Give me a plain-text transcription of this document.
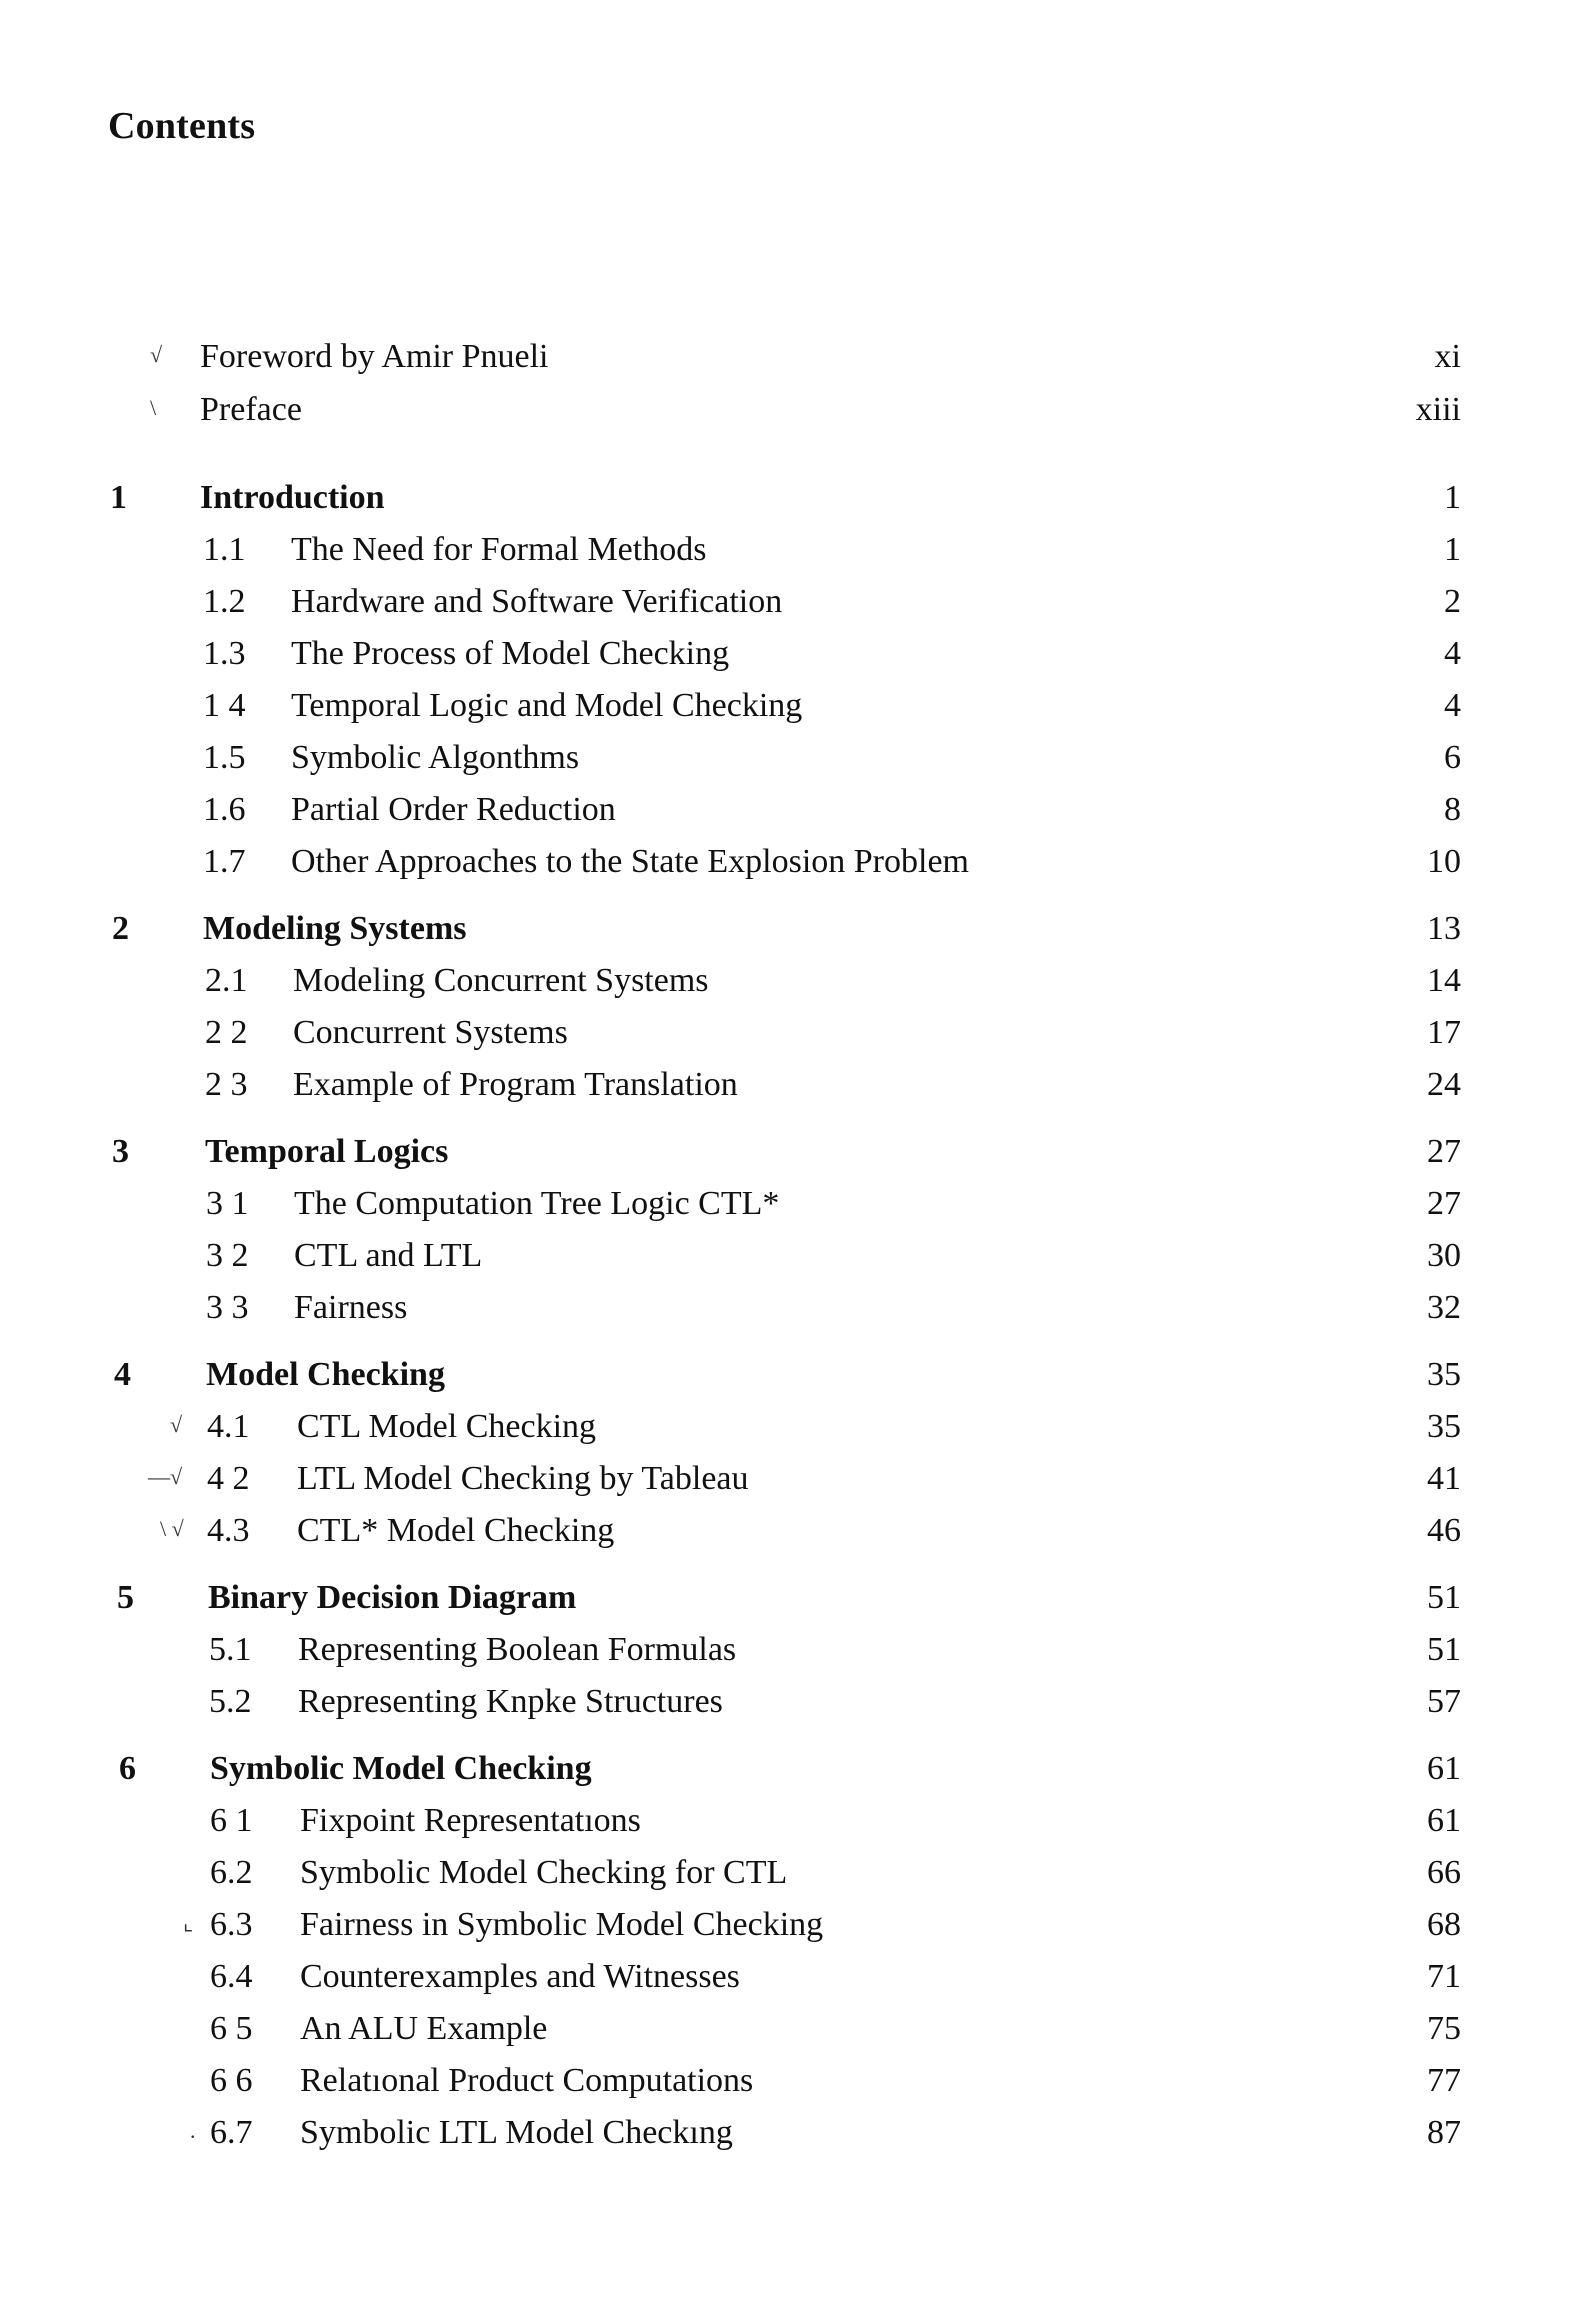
Contents
√ Foreword by Amir Pnueli	xi
\ Preface	xiii
1 Introduction	1
1.1 The Need for Formal Methods	1
1.2 Hardware and Software Verification	2
1.3 The Process of Model Checking	4
1 4 Temporal Logic and Model Checking	4
1.5 Symbolic Algonthms	6
1.6 Partial Order Reduction	8
1.7 Other Approaches to the State Explosion Problem	10
2 Modeling Systems	13
2.1 Modeling Concurrent Systems	14
2 2 Concurrent Systems	17
2 3 Example of Program Translation	24
3 Temporal Logics	27
3 1 The Computation Tree Logic CTL*	27
3 2 CTL and LTL	30
3 3 Fairness	32
4 Model Checking	35
√ 4.1 CTL Model Checking	35
—√ 4 2 LTL Model Checking by Tableau	41
\ √ 4.3 CTL* Model Checking	46
5 Binary Decision Diagram	51
5.1 Representing Boolean Formulas	51
5.2 Representing Knpke Structures	57
6 Symbolic Model Checking	61
6 1 Fixpoint Representatıons	61
6.2 Symbolic Model Checking for CTL	66
⌞ 6.3 Fairness in Symbolic Model Checking	68
6.4 Counterexamples and Witnesses	71
6 5 An ALU Example	75
6 6 Relatıonal Product Computations	77
. 6.7 Symbolic LTL Model Checkıng	87
